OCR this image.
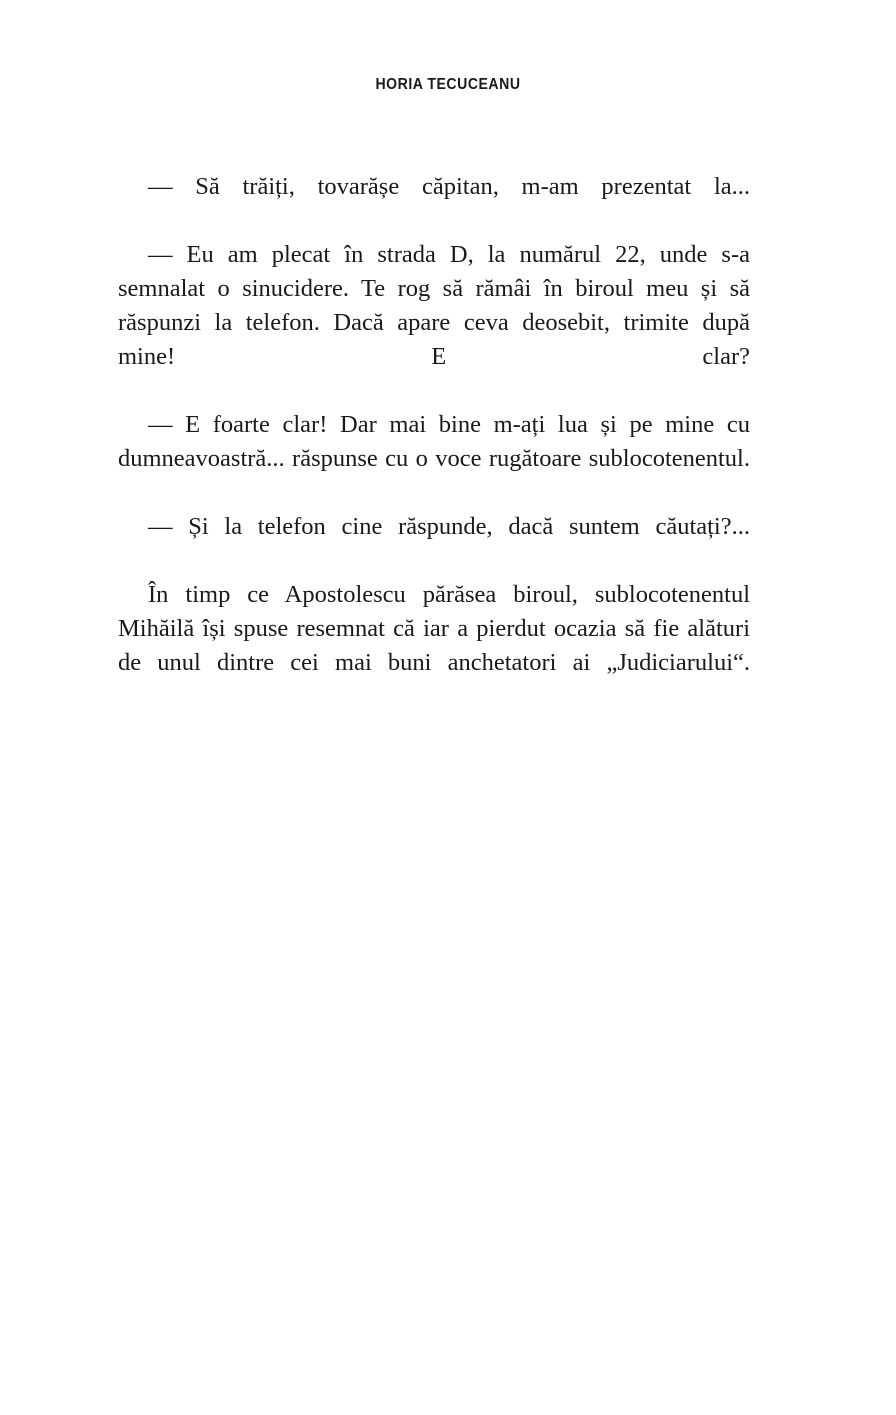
HORIA TECUCEANU

— Să trăiți, tovarășe căpitan, m-am prezentat la...

— Eu am plecat în strada D, la numărul 22, unde s-a semnalat o sinucidere. Te rog să rămâi în biroul meu și să răspunzi la telefon. Dacă apare ceva deosebit, trimite după mine! E clar?

— E foarte clar! Dar mai bine m-ați lua și pe mine cu dumneavoastră... răspunse cu o voce rugătoare sublocotenentul.

— Și la telefon cine răspunde, dacă suntem căutați?...

În timp ce Apostolescu părăsea biroul, sublocotenentul Mihăilă își spuse resemnat că iar a pierdut ocazia să fie alături de unul dintre cei mai buni anchetatori ai „Judiciarului“.
